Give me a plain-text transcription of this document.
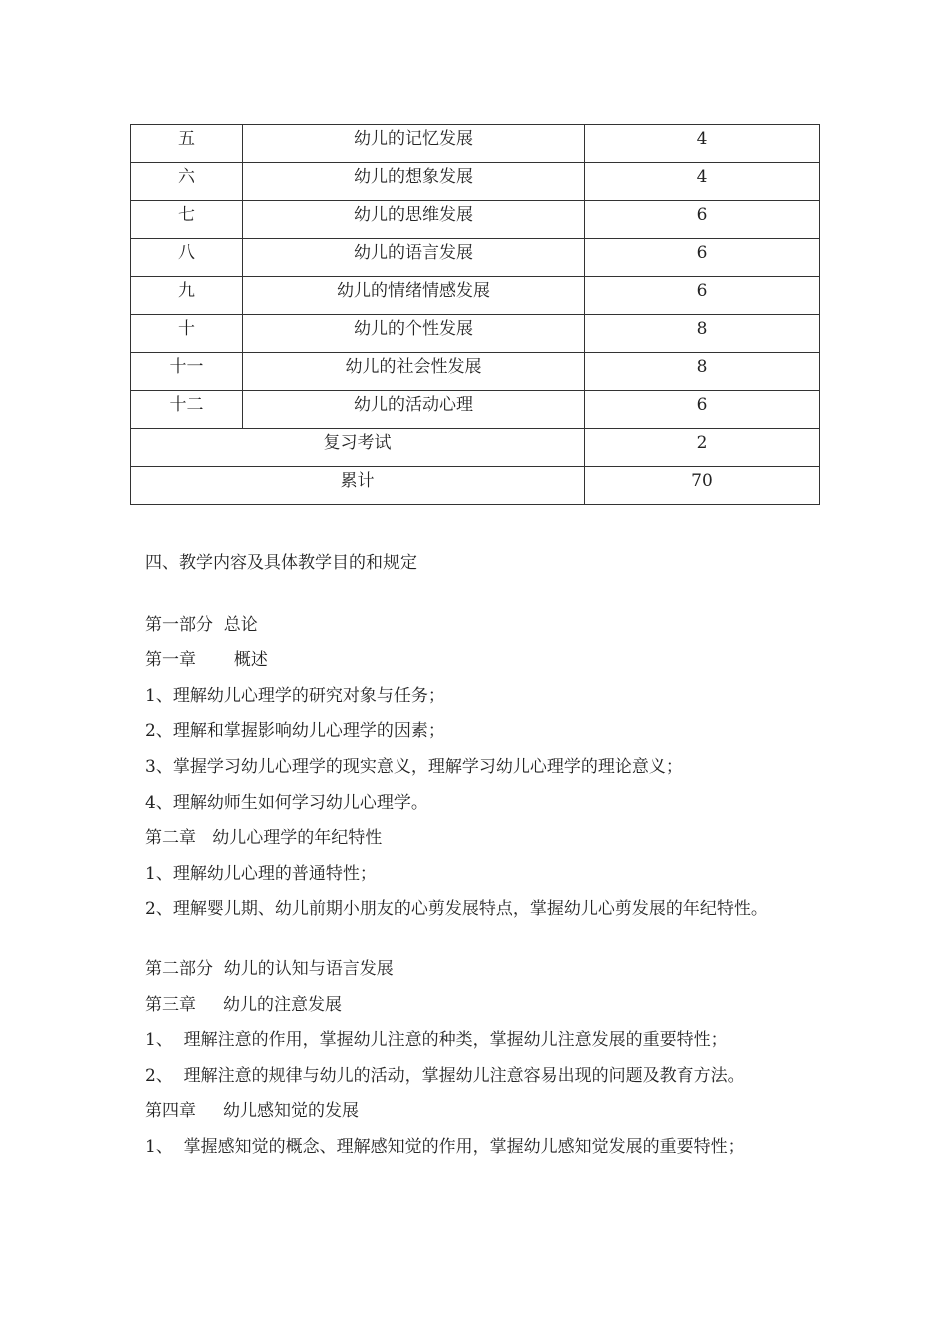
五	幼儿的记忆发展	4
六	幼儿的想象发展	4
七	幼儿的思维发展	6
八	幼儿的语言发展	6
九	幼儿的情绪情感发展	6
十	幼儿的个性发展	8
十一	幼儿的社会性发展	8
十二	幼儿的活动心理	6
复习考试		2
累计		70

四、教学内容及具体教学目的和规定

第一部分  总论

第一章       概述

1、理解幼儿心理学的研究对象与任务；

2、理解和掌握影响幼儿心理学的因素；

3、掌握学习幼儿心理学的现实意义，理解学习幼儿心理学的理论意义；

4、理解幼师生如何学习幼儿心理学。

第二章   幼儿心理学的年纪特性

1、理解幼儿心理的普通特性；

2、理解婴儿期、幼儿前期小朋友的心剪发展特点，掌握幼儿心剪发展的年纪特性。

第二部分  幼儿的认知与语言发展

第三章     幼儿的注意发展

1、  理解注意的作用，掌握幼儿注意的种类，掌握幼儿注意发展的重要特性；

2、  理解注意的规律与幼儿的活动，掌握幼儿注意容易出现的问题及教育方法。

第四章     幼儿感知觉的发展

1、  掌握感知觉的概念、理解感知觉的作用，掌握幼儿感知觉发展的重要特性；
